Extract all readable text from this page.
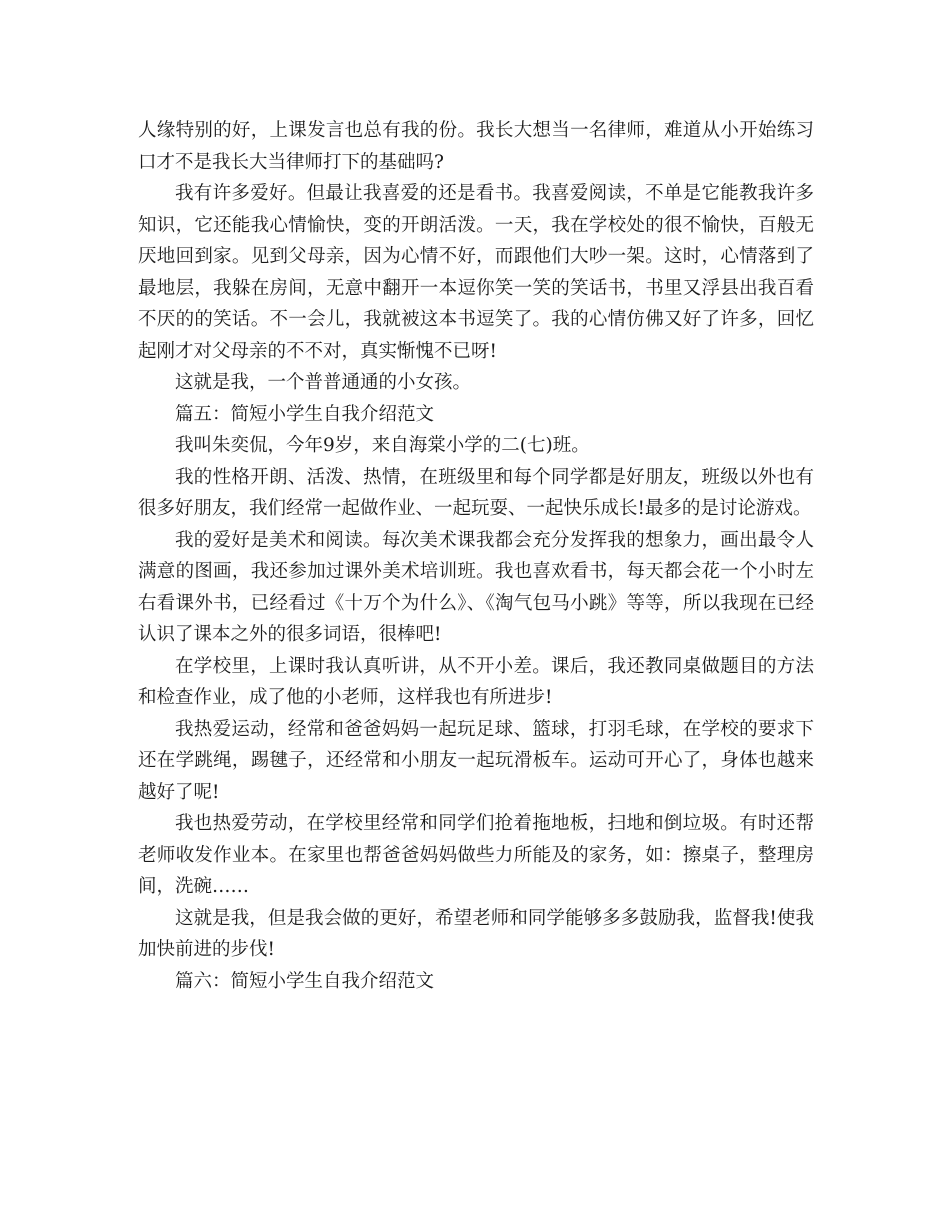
人缘特别的好，上课发言也总有我的份。我长大想当一名律师，难道从小开始练习口才不是我长大当律师打下的基础吗?

我有许多爱好。但最让我喜爱的还是看书。我喜爱阅读，不单是它能教我许多知识，它还能我心情愉快，变的开朗活泼。一天，我在学校处的很不愉快，百般无厌地回到家。见到父母亲，因为心情不好，而跟他们大吵一架。这时，心情落到了最地层，我躲在房间，无意中翻开一本逗你笑一笑的笑话书，书里又浮县出我百看不厌的的笑话。不一会儿，我就被这本书逗笑了。我的心情仿佛又好了许多，回忆起刚才对父母亲的不不对，真实惭愧不已呀!

这就是我，一个普普通通的小女孩。

篇五：简短小学生自我介绍范文

我叫朱奕侃，今年9岁，来自海棠小学的二(七)班。

我的性格开朗、活泼、热情，在班级里和每个同学都是好朋友，班级以外也有很多好朋友，我们经常一起做作业、一起玩耍、一起快乐成长!最多的是讨论游戏。

我的爱好是美术和阅读。每次美术课我都会充分发挥我的想象力，画出最令人满意的图画，我还参加过课外美术培训班。我也喜欢看书，每天都会花一个小时左右看课外书，已经看过《十万个为什么》、《淘气包马小跳》等等，所以我现在已经认识了课本之外的很多词语，很棒吧!

在学校里，上课时我认真听讲，从不开小差。课后，我还教同桌做题目的方法和检查作业，成了他的小老师，这样我也有所进步!

我热爱运动，经常和爸爸妈妈一起玩足球、篮球，打羽毛球，在学校的要求下还在学跳绳，踢毽子，还经常和小朋友一起玩滑板车。运动可开心了，身体也越来越好了呢!

我也热爱劳动，在学校里经常和同学们抢着拖地板，扫地和倒垃圾。有时还帮老师收发作业本。在家里也帮爸爸妈妈做些力所能及的家务，如：擦桌子，整理房间，洗碗……

这就是我，但是我会做的更好，希望老师和同学能够多多鼓励我，监督我!使我加快前进的步伐!

篇六：简短小学生自我介绍范文
